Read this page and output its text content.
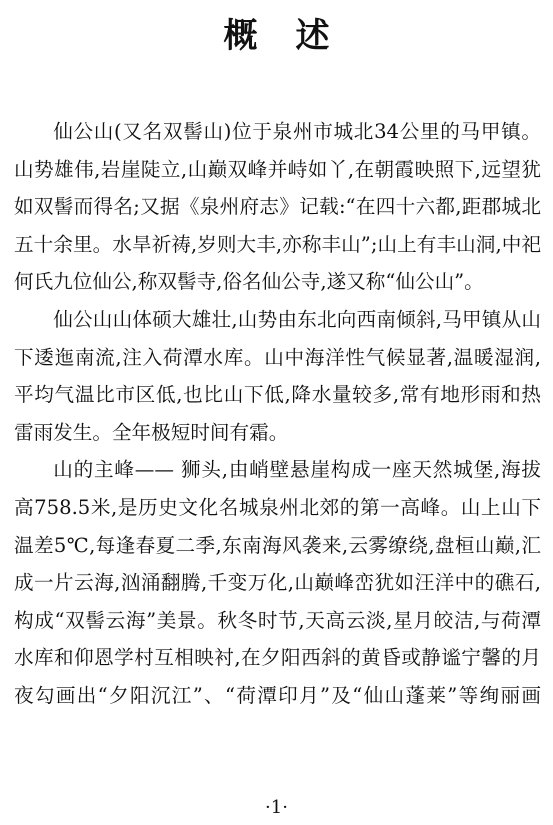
概述

仙公山(又名双髻山)位于泉州市城北34公里的马甲镇。山势雄伟,岩崖陡立,山巅双峰并峙如丫,在朝霞映照下,远望犹如双髻而得名;又据《泉州府志》记载:“在四十六都,距郡城北五十余里。水旱祈祷,岁则大丰,亦称丰山”;山上有丰山洞,中祀何氏九位仙公,称双髻寺,俗名仙公寺,遂又称“仙公山”。

仙公山山体硕大雄壮,山势由东北向西南倾斜,马甲镇从山下逶迤南流,注入荷潭水库。山中海洋性气候显著,温暖湿润,平均气温比市区低,也比山下低,降水量较多,常有地形雨和热雷雨发生。全年极短时间有霜。

山的主峰—— 狮头,由峭壁悬崖构成一座天然城堡,海拔高758.5米,是历史文化名城泉州北郊的第一高峰。山上山下温差5℃,每逢春夏二季,东南海风袭来,云雾缭绕,盘桓山巅,汇成一片云海,汹涌翻腾,千变万化,山巅峰峦犹如汪洋中的礁石,构成“双髻云海”美景。秋冬时节,天高云淡,星月皎洁,与荷潭水库和仰恩学村互相映衬,在夕阳西斜的黄昏或静谧宁馨的月夜勾画出“夕阳沉江”、“荷潭印月”及“仙山蓬莱”等绚丽画

·1·
